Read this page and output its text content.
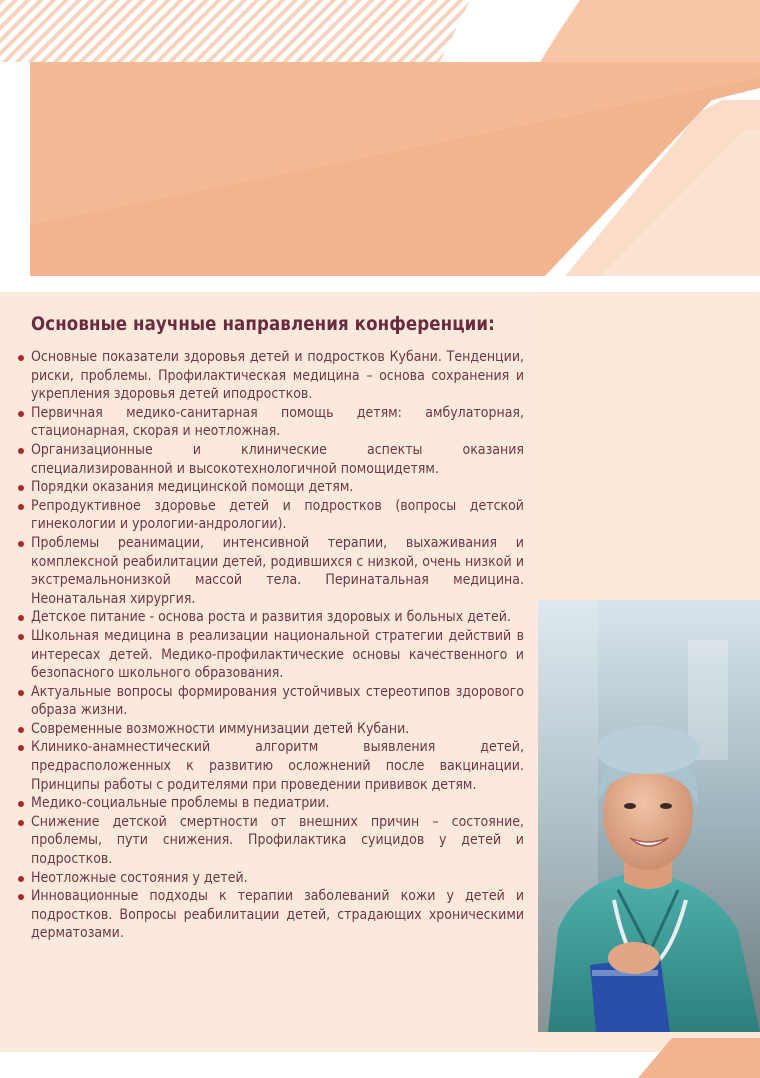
Основные научные направления конференции:
Основные показатели здоровья детей и подростков Кубани. Тенденции, риски, проблемы. Профилактическая медицина – основа сохранения и укрепления здоровья детей иподростков.
Первичная медико-санитарная помощь детям: амбулаторная, стационарная, скорая и неотложная.
Организационные и клинические аспекты оказания специализированной и высокотехнологичной помощидетям.
Порядки оказания медицинской помощи детям.
Репродуктивное здоровье детей и подростков (вопросы детской гинекологии и урологии-андрологии).
Проблемы реанимации, интенсивной терапии, выхаживания и комплексной реабилитации детей, родившихся с низкой, очень низкой и экстремальнонизкой массой тела. Перинатальная медицина. Неонатальная хирургия.
Детское питание - основа роста и развития здоровых и больных детей.
Школьная медицина в реализации национальной стратегии действий в интересах детей. Медико-профилактические основы качественного и безопасного школьного образования.
Актуальные вопросы формирования устойчивых стереотипов здорового образа жизни.
Современные возможности иммунизации детей Кубани.
Клинико-анамнестический алгоритм выявления детей, предрасположенных к развитию осложнений после вакцинации. Принципы работы с родителями при проведении прививок детям.
Медико-социальные проблемы в педиатрии.
Снижение детской смертности от внешних причин – состояние, проблемы, пути снижения. Профилактика суицидов у детей и подростков.
Неотложные состояния у детей.
Инновационные подходы к терапии заболеваний кожи у детей и подростков. Вопросы реабилитации детей, страдающих хроническими дерматозами.
